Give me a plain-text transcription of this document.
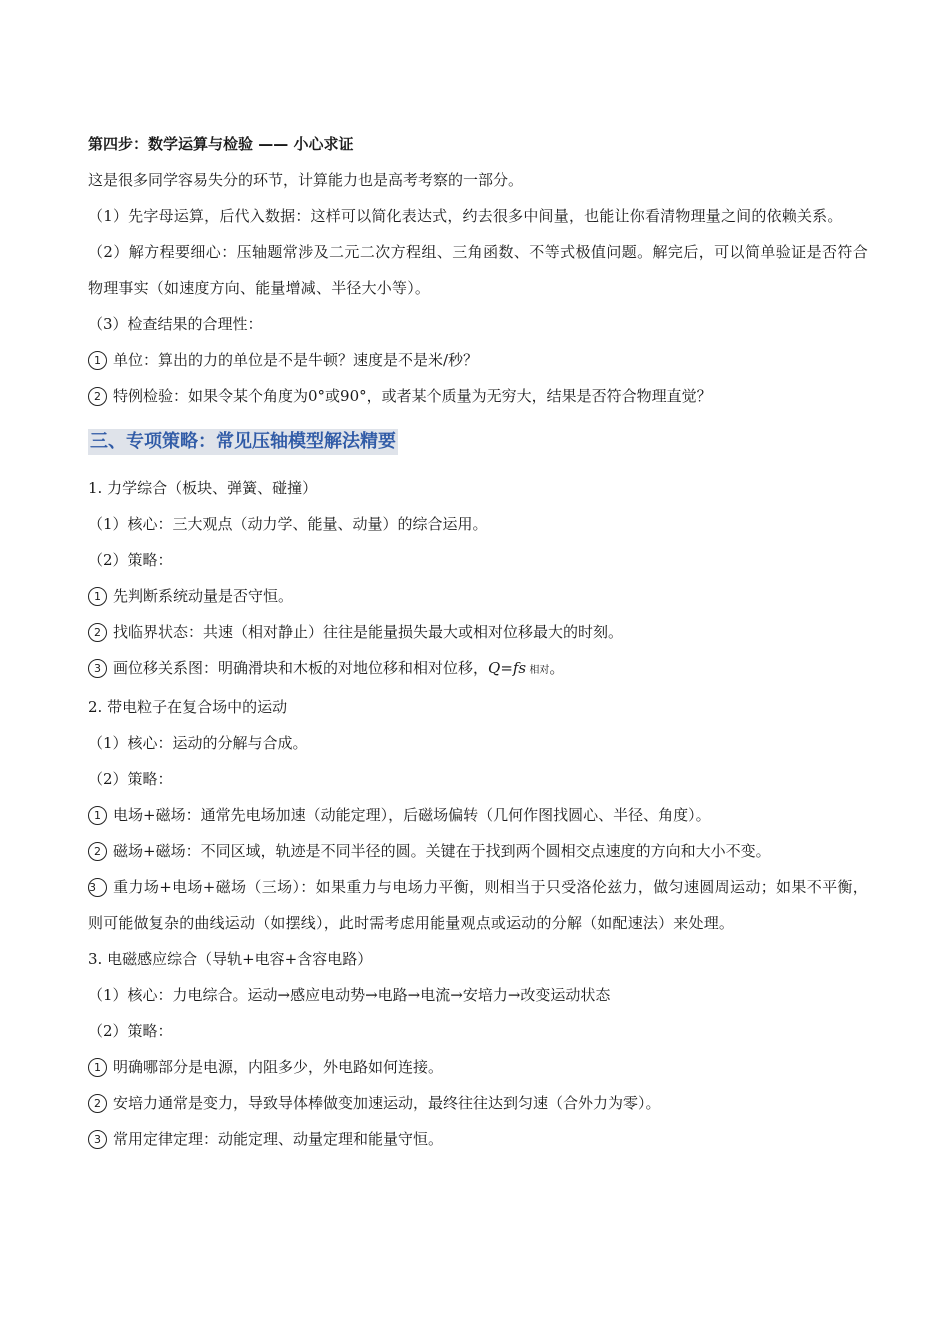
第四步：数学运算与检验 —— 小心求证
这是很多同学容易失分的环节，计算能力也是高考考察的一部分。
（1）先字母运算，后代入数据：这样可以简化表达式，约去很多中间量，也能让你看清物理量之间的依赖关系。
（2）解方程要细心：压轴题常涉及二元二次方程组、三角函数、不等式极值问题。解完后，可以简单验证是否符合物理事实（如速度方向、能量增减、半径大小等）。
（3）检查结果的合理性：
1 单位：算出的力的单位是不是牛顿？速度是不是米/秒？
2 特例检验：如果令某个角度为0°或90°，或者某个质量为无穷大，结果是否符合物理直觉？
三、专项策略：常见压轴模型解法精要
1. 力学综合（板块、弹簧、碰撞）
（1）核心：三大观点（动力学、能量、动量）的综合运用。
（2）策略：
1 先判断系统动量是否守恒。
2 找临界状态：共速（相对静止）往往是能量损失最大或相对位移最大的时刻。
3 画位移关系图：明确滑块和木板的对地位移和相对位移，Q=fs 相对。
2. 带电粒子在复合场中的运动
（1）核心：运动的分解与合成。
（2）策略：
1 电场+磁场：通常先电场加速（动能定理），后磁场偏转（几何作图找圆心、半径、角度）。
2 磁场+磁场：不同区域，轨迹是不同半径的圆。关键在于找到两个圆相交点速度的方向和大小不变。
3 重力场+电场+磁场（三场）：如果重力与电场力平衡，则相当于只受洛伦兹力，做匀速圆周运动；如果不平衡，则可能做复杂的曲线运动（如摆线），此时需考虑用能量观点或运动的分解（如配速法）来处理。
3. 电磁感应综合（导轨+电容+含容电路）
（1）核心：力电综合。运动→感应电动势→电路→电流→安培力→改变运动状态
（2）策略：
1 明确哪部分是电源，内阻多少，外电路如何连接。
2 安培力通常是变力，导致导体棒做变加速运动，最终往往达到匀速（合外力为零）。
3 常用定律定理：动能定理、动量定理和能量守恒。
